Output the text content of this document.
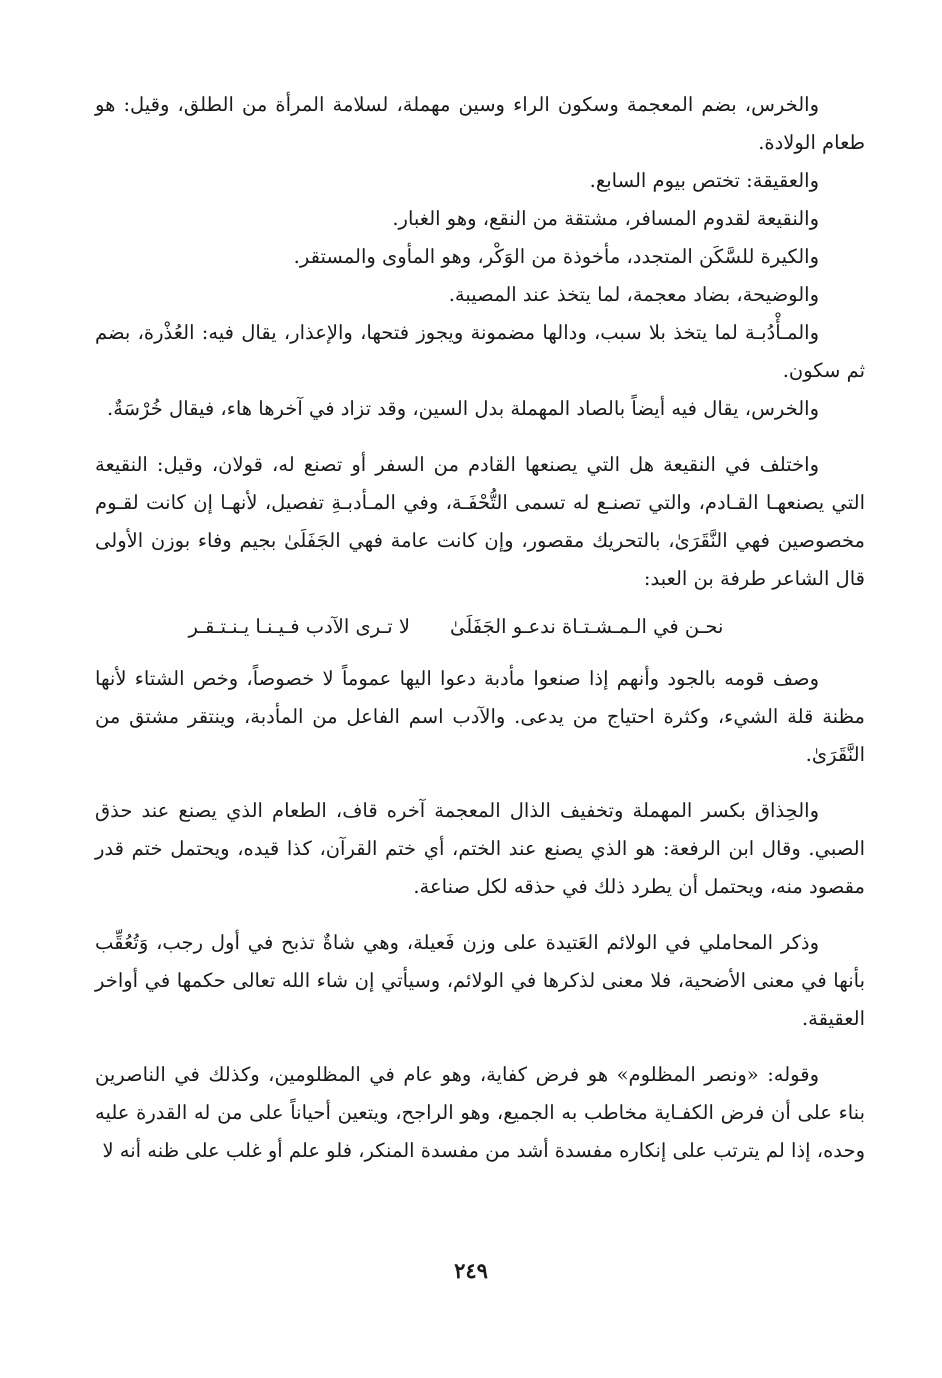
والخرس، بضم المعجمة وسكون الراء وسين مهملة، لسلامة المرأة من الطلق، وقيل: هو طعام الولادة.

والعقيقة: تختص بيوم السابع.

والنقيعة لقدوم المسافر، مشتقة من النقع، وهو الغبار.

والكيرة للسَّكَن المتجدد، مأخوذة من الوَكْر، وهو المأوى والمستقر.

والوضيحة، بضاد معجمة، لما يتخذ عند المصيبة.

والمـأْدُبـة لما يتخذ بلا سبب، ودالها مضمونة ويجوز فتحها، والإعذار، يقال فيه: العُذْرة، بضم ثم سكون.

والخرس، يقال فيه أيضاً بالصاد المهملة بدل السين، وقد تزاد في آخرها هاء، فيقال خُرْسَةٌ.

واختلف في النقيعة هل التي يصنعها القادم من السفر أو تصنع له، قولان، وقيل: النقيعة التي يصنعهـا القـادم، والتي تصنـع له تسمى التُّحْفَـة، وفي المـأدبـةِ تفصيل، لأنهـا إن كانت لقـوم مخصوصين فهي النَّقَرَىٰ، بالتحريك مقصور، وإن كانت عامة فهي الجَفَلَىٰ بجيم وفاء بوزن الأولى قال الشاعر طرفة بن العبد:

نحـن في الـمـشـتـاة ندعـو الجَفَلَىٰ
لا تـرى الآدب فـيـنـا يـنـتـقـر

وصف قومه بالجود وأنهم إذا صنعوا مأدبة دعوا اليها عموماً لا خصوصاً، وخص الشتاء لأنها مظنة قلة الشيء، وكثرة احتياج من يدعى. والآدب اسم الفاعل من المأدبة، وينتقر مشتق من النَّقَرَىٰ.

والحِذاق بكسر المهملة وتخفيف الذال المعجمة آخره قاف، الطعام الذي يصنع عند حذق الصبي. وقال ابن الرفعة: هو الذي يصنع عند الختم، أي ختم القرآن، كذا قيده، ويحتمل ختم قدر مقصود منه، ويحتمل أن يطرد ذلك في حذقه لكل صناعة.

وذكر المحاملي في الولائم العَتيدة على وزن فَعيلة، وهي شاةٌ تذبح في أول رجب، وَتُعُقِّب بأنها في معنى الأضحية، فلا معنى لذكرها في الولائم، وسيأتي إن شاء الله تعالى حكمها في أواخر العقيقة.

وقوله: «ونصر المظلوم» هو فرض كفاية، وهو عام في المظلومين، وكذلك في الناصرين بناء على أن فرض الكفـاية مخاطب به الجميع، وهو الراجح، ويتعين أحياناً على من له القدرة عليه وحده، إذا لم يترتب على إنكاره مفسدة أشد من مفسدة المنكر، فلو علم أو غلب على ظنه أنه لا

٢٤٩
